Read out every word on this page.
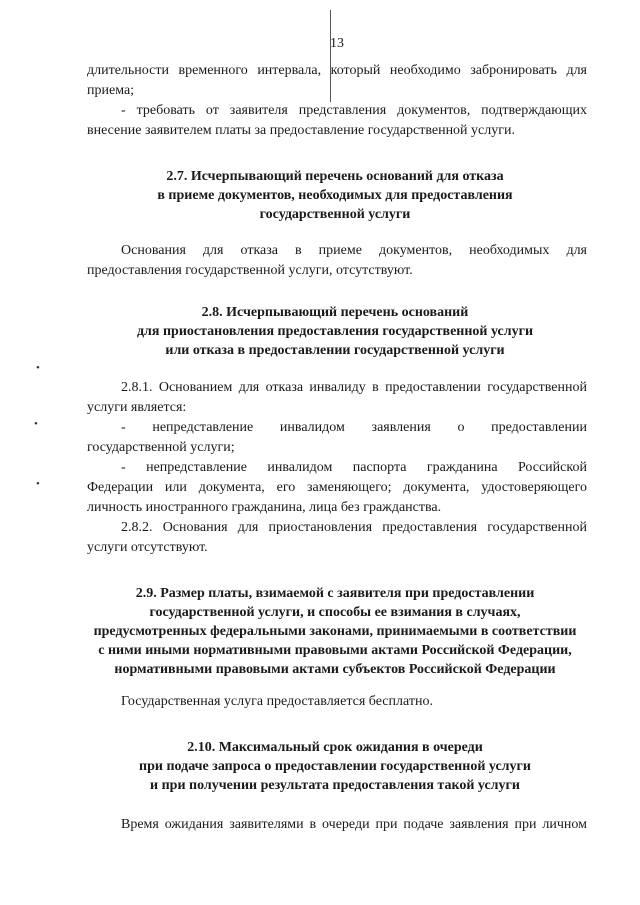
13
•
•
•

длительности временного интервала, который необходимо забронировать для

приема;

- требовать от заявителя представления документов, подтверждающих

внесение заявителем платы за предоставление государственной услуги.

2.7. Исчерпывающий перечень оснований для отказа
в приеме документов, необходимых для предоставления
государственной услуги

Основания для отказа в приеме документов, необходимых для

предоставления государственной услуги, отсутствуют.

2.8. Исчерпывающий перечень оснований
для приостановления предоставления государственной услуги
или отказа в предоставлении государственной услуги

2.8.1. Основанием для отказа инвалиду в предоставлении государственной

услуги является:

- непредставление инвалидом заявления о предоставлении

государственной услуги;

- непредставление инвалидом паспорта гражданина Российской

Федерации или документа, его заменяющего; документа, удостоверяющего

личность иностранного гражданина, лица без гражданства.

2.8.2. Основания для приостановления предоставления государственной

услуги отсутствуют.

2.9. Размер платы, взимаемой с заявителя при предоставлении
государственной услуги, и способы ее взимания в случаях,
предусмотренных федеральными законами, принимаемыми в соответствии
с ними иными нормативными правовыми актами Российской Федерации,
нормативными правовыми актами субъектов Российской Федерации

Государственная услуга предоставляется бесплатно.

2.10. Максимальный срок ожидания в очереди
при подаче запроса о предоставлении государственной услуги
и при получении результата предоставления такой услуги

Время ожидания заявителями в очереди при подаче заявления при личном
